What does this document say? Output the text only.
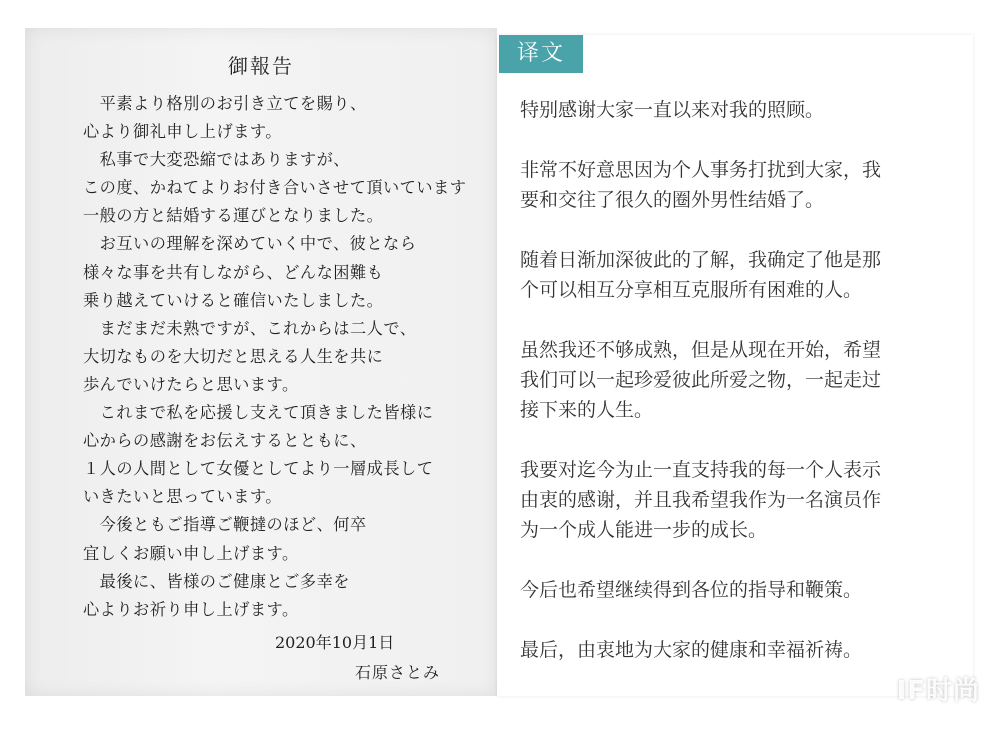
御報告
　平素より格別のお引き立てを賜り、
心より御礼申し上げます。
　私事で大変恐縮ではありますが、
この度、かねてよりお付き合いさせて頂いています
一般の方と結婚する運びとなりました。
　お互いの理解を深めていく中で、彼となら
様々な事を共有しながら、どんな困難も
乗り越えていけると確信いたしました。
　まだまだ未熟ですが、これからは二人で、
大切なものを大切だと思える人生を共に
歩んでいけたらと思います。
　これまで私を応援し支えて頂きました皆様に
心からの感謝をお伝えするとともに、
１人の人間として女優としてより一層成長して
いきたいと思っています。
　今後ともご指導ご鞭撻のほど、何卒
宜しくお願い申し上げます。
　最後に、皆様のご健康とご多幸を
心よりお祈り申し上げます。
2020年10月1日
石原さとみ
译文
特别感谢大家一直以来对我的照顾。
非常不好意思因为个人事务打扰到大家，我
要和交往了很久的圈外男性结婚了。
随着日渐加深彼此的了解，我确定了他是那
个可以相互分享相互克服所有困难的人。
虽然我还不够成熟，但是从现在开始，希望
我们可以一起珍爱彼此所爱之物，一起走过
接下来的人生。
我要对迄今为止一直支持我的每一个人表示
由衷的感谢，并且我希望我作为一名演员作
为一个成人能进一步的成长。
今后也希望继续得到各位的指导和鞭策。
最后，由衷地为大家的健康和幸福祈祷。
IF时尚
